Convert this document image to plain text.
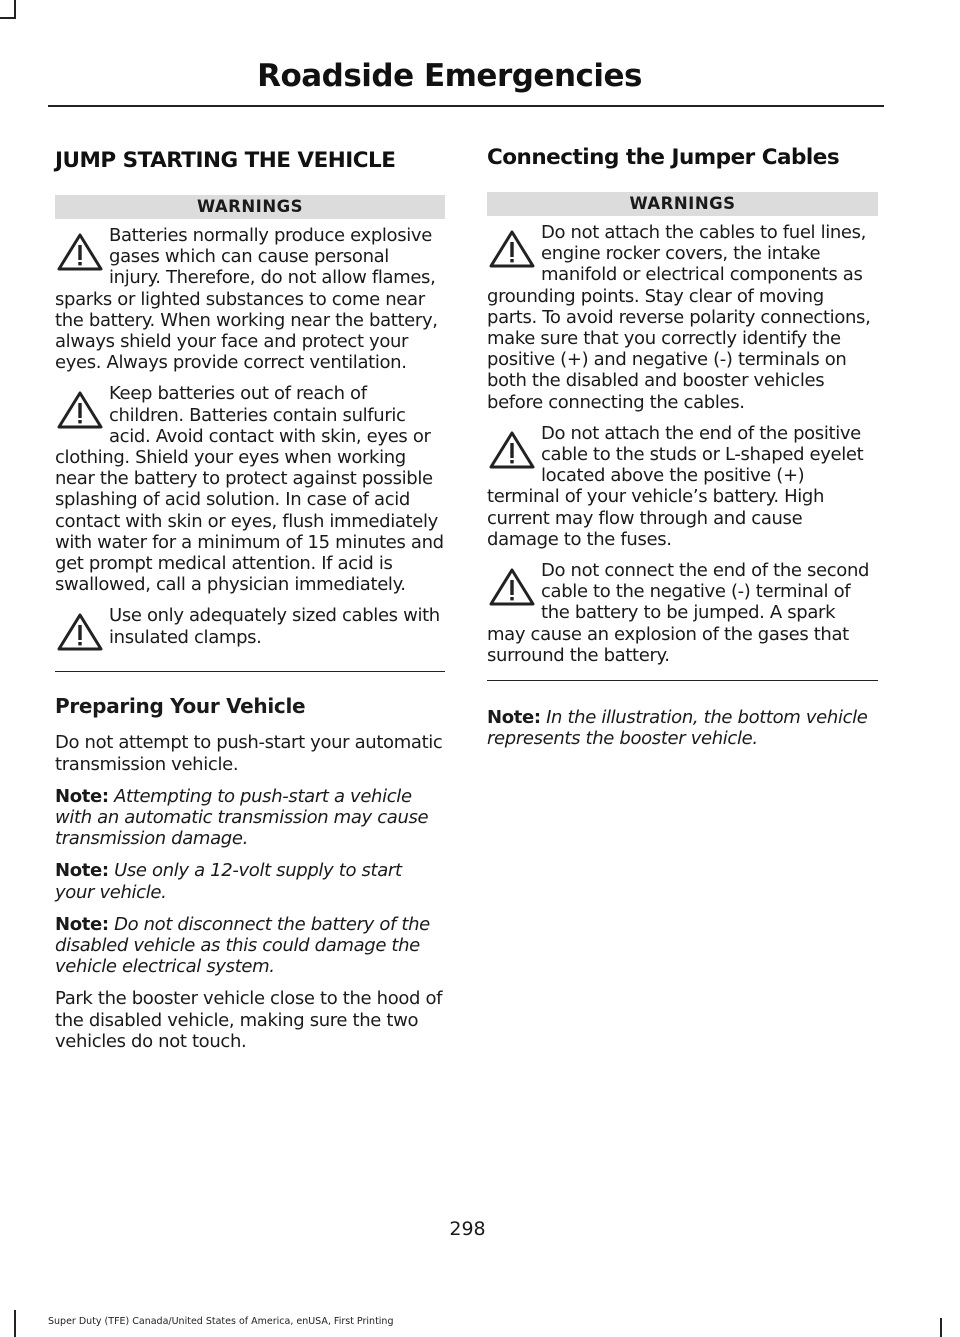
Roadside Emergencies
JUMP STARTING THE VEHICLE
WARNINGS
Batteries normally produce explosive gases which can cause personal injury. Therefore, do not allow flames, sparks or lighted substances to come near the battery. When working near the battery, always shield your face and protect your eyes. Always provide correct ventilation.
Keep batteries out of reach of children. Batteries contain sulfuric acid. Avoid contact with skin, eyes or clothing. Shield your eyes when working near the battery to protect against possible splashing of acid solution. In case of acid contact with skin or eyes, flush immediately with water for a minimum of 15 minutes and get prompt medical attention. If acid is swallowed, call a physician immediately.
Use only adequately sized cables with insulated clamps.
Preparing Your Vehicle

Do not attempt to push-start your automatic transmission vehicle.

Note: Attempting to push-start a vehicle with an automatic transmission may cause transmission damage.

Note: Use only a 12-volt supply to start your vehicle.

Note: Do not disconnect the battery of the disabled vehicle as this could damage the vehicle electrical system.

Park the booster vehicle close to the hood of the disabled vehicle, making sure the two vehicles do not touch.

Connecting the Jumper Cables
WARNINGS
Do not attach the cables to fuel lines, engine rocker covers, the intake manifold or electrical components as grounding points. Stay clear of moving parts. To avoid reverse polarity connections, make sure that you correctly identify the positive (+) and negative (-) terminals on both the disabled and booster vehicles before connecting the cables.
Do not attach the end of the positive cable to the studs or L-shaped eyelet located above the positive (+) terminal of your vehicle’s battery. High current may flow through and cause damage to the fuses.
Do not connect the end of the second cable to the negative (-) terminal of the battery to be jumped. A spark may cause an explosion of the gases that surround the battery.

Note: In the illustration, the bottom vehicle represents the booster vehicle.

298
Super Duty (TFE) Canada/United States of America, enUSA, First Printing
